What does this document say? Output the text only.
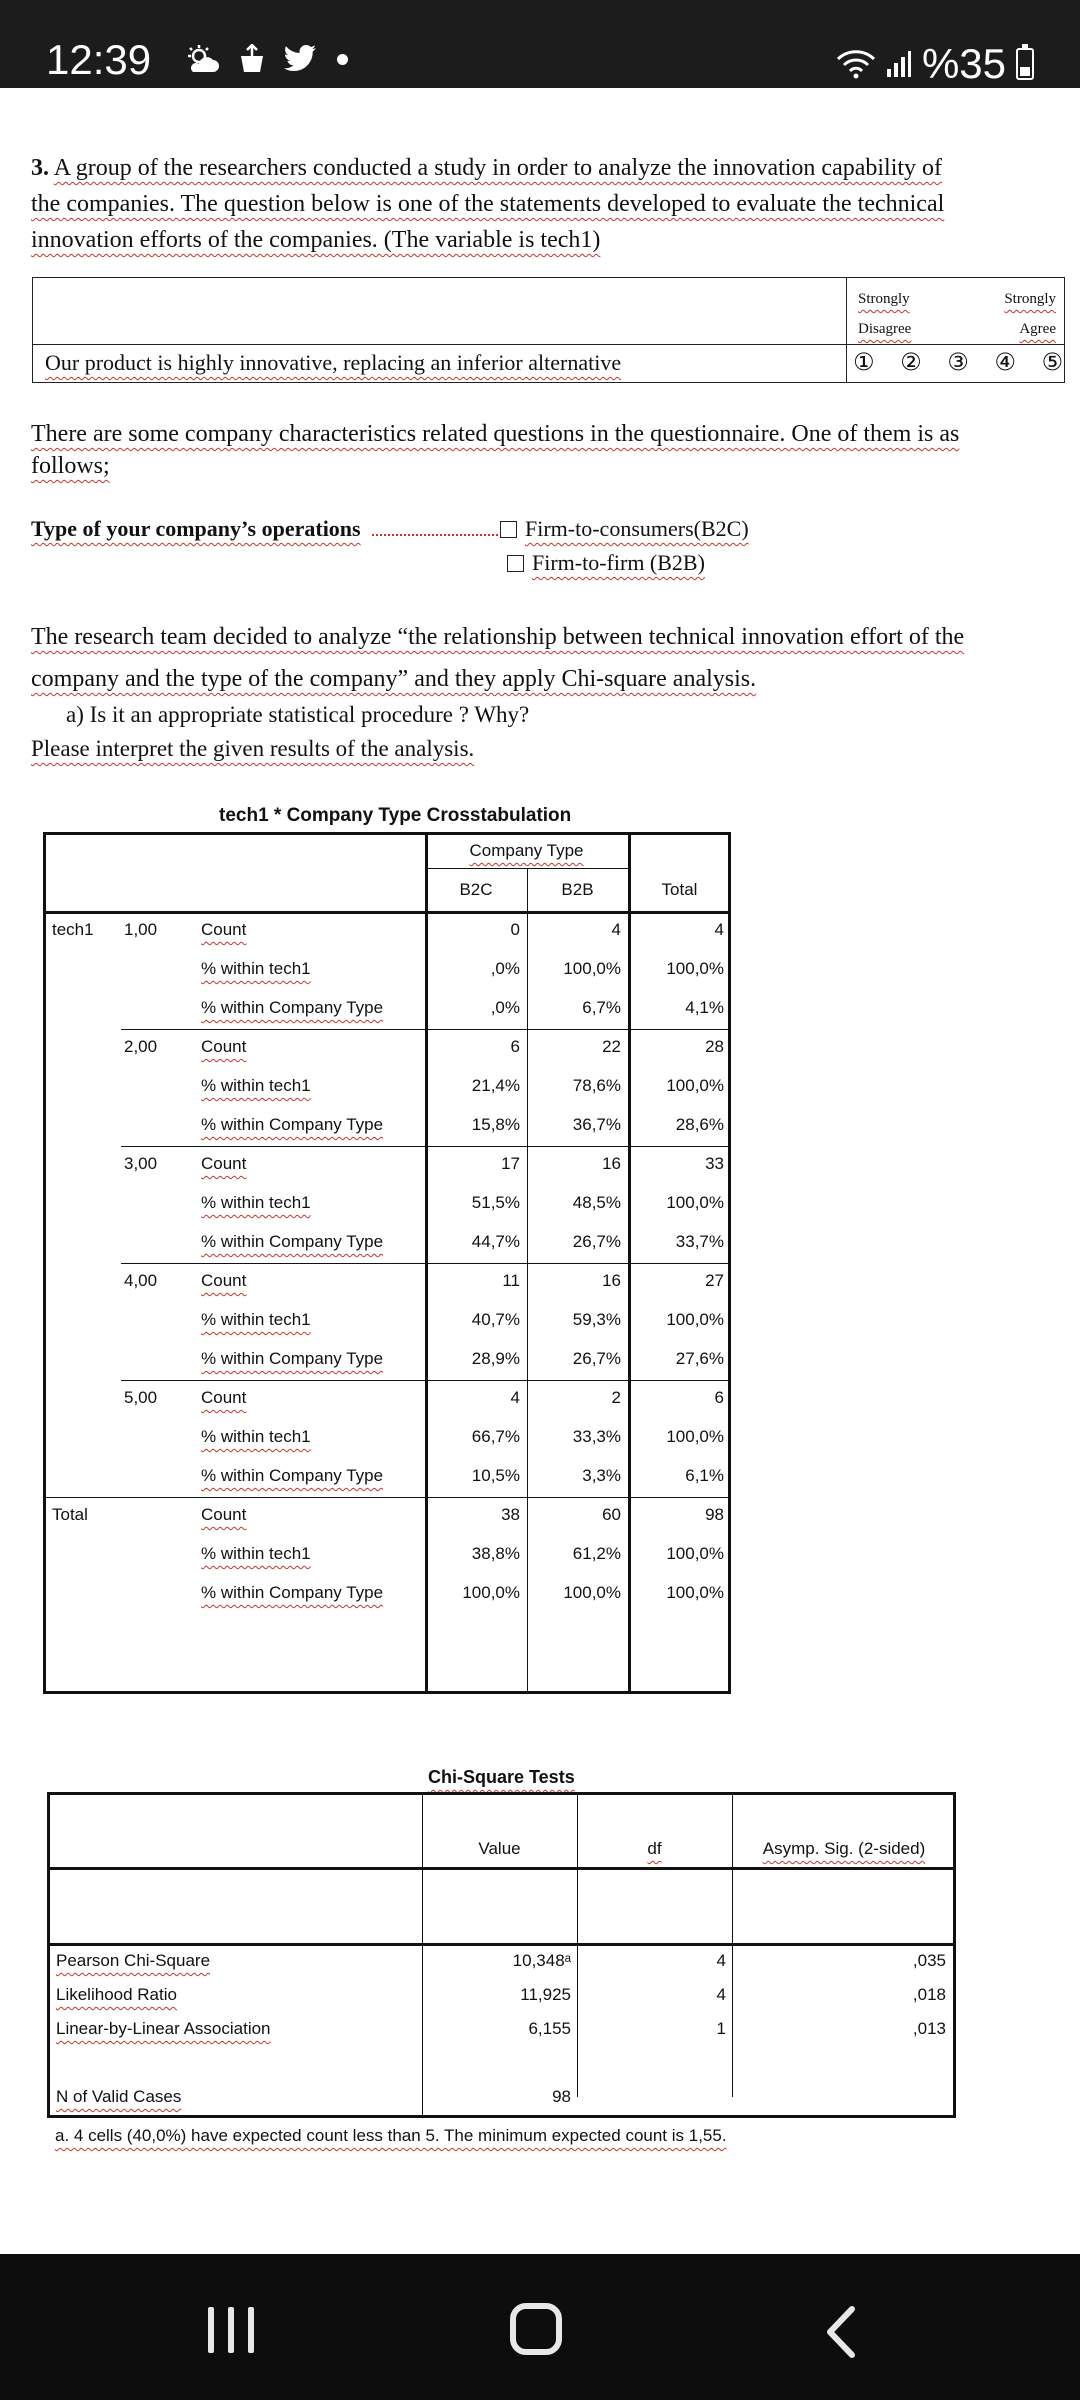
12:39	%35
3. A group of the researchers conducted a study in order to analyze the innovation capability of the companies. The question below is one of the statements developed to evaluate the technical innovation efforts of the companies. (The variable is tech1)
Strongly
Disagree
Strongly
Agree
Our product is highly innovative, replacing an inferior alternative	① ② ③ ④ ⑤
There are some company characteristics related questions in the questionnaire. One of them is as follows;
Type of your company’s operations	Firm-to-consumers(B2C)
Firm-to-firm (B2B)
The research team decided to analyze “the relationship between technical innovation effort of the company and the type of the company” and they apply Chi-square analysis.
a) Is it an appropriate statistical procedure ? Why?
Please interpret the given results of the analysis.
tech1 * Company Type Crosstabulation
Company Type
B2C	B2B	Total
tech1 1,00	Count	0	4	4
% within tech1	,0%	100,0%	100,0%
% within Company Type	,0%	6,7%	4,1%
2,00	Count	6	22	28
% within tech1	21,4%	78,6%	100,0%
% within Company Type	15,8%	36,7%	28,6%
3,00	Count	17	16	33
% within tech1	51,5%	48,5%	100,0%
% within Company Type	44,7%	26,7%	33,7%
4,00	Count	11	16	27
% within tech1	40,7%	59,3%	100,0%
% within Company Type	28,9%	26,7%	27,6%
5,00	Count	4	2	6
% within tech1	66,7%	33,3%	100,0%
% within Company Type	10,5%	3,3%	6,1%
Total	Count	38	60	98
% within tech1	38,8%	61,2%	100,0%
% within Company Type	100,0%	100,0%	100,0%
Chi-Square Tests
Value	df	Asymp. Sig. (2-sided)
Pearson Chi-Square	10,348ᵃ	4	,035
Likelihood Ratio	11,925	4	,018
Linear-by-Linear Association	6,155	1	,013
N of Valid Cases	98
a. 4 cells (40,0%) have expected count less than 5. The minimum expected count is 1,55.
